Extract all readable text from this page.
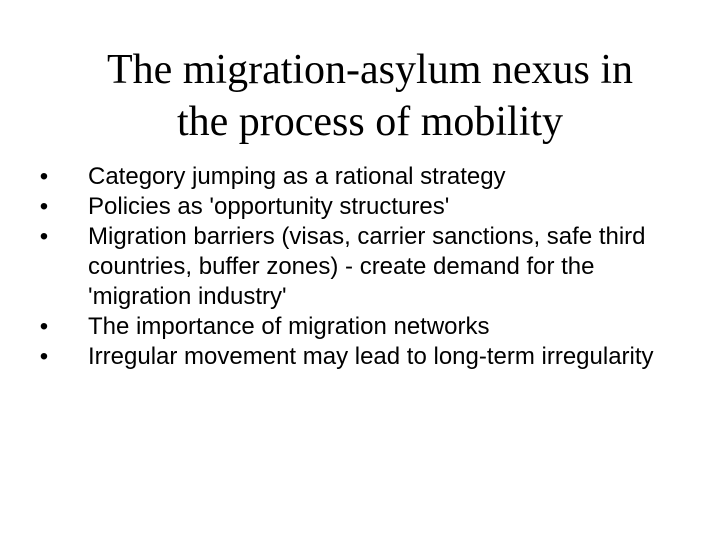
The migration-asylum nexus in
the process of mobility
•	Category jumping as a rational strategy
•	Policies as 'opportunity structures'
•	Migration barriers (visas, carrier sanctions, safe third countries, buffer zones) - create demand for the 'migration industry'
•	The importance of migration networks
•	Irregular movement may lead to long-term irregularity
